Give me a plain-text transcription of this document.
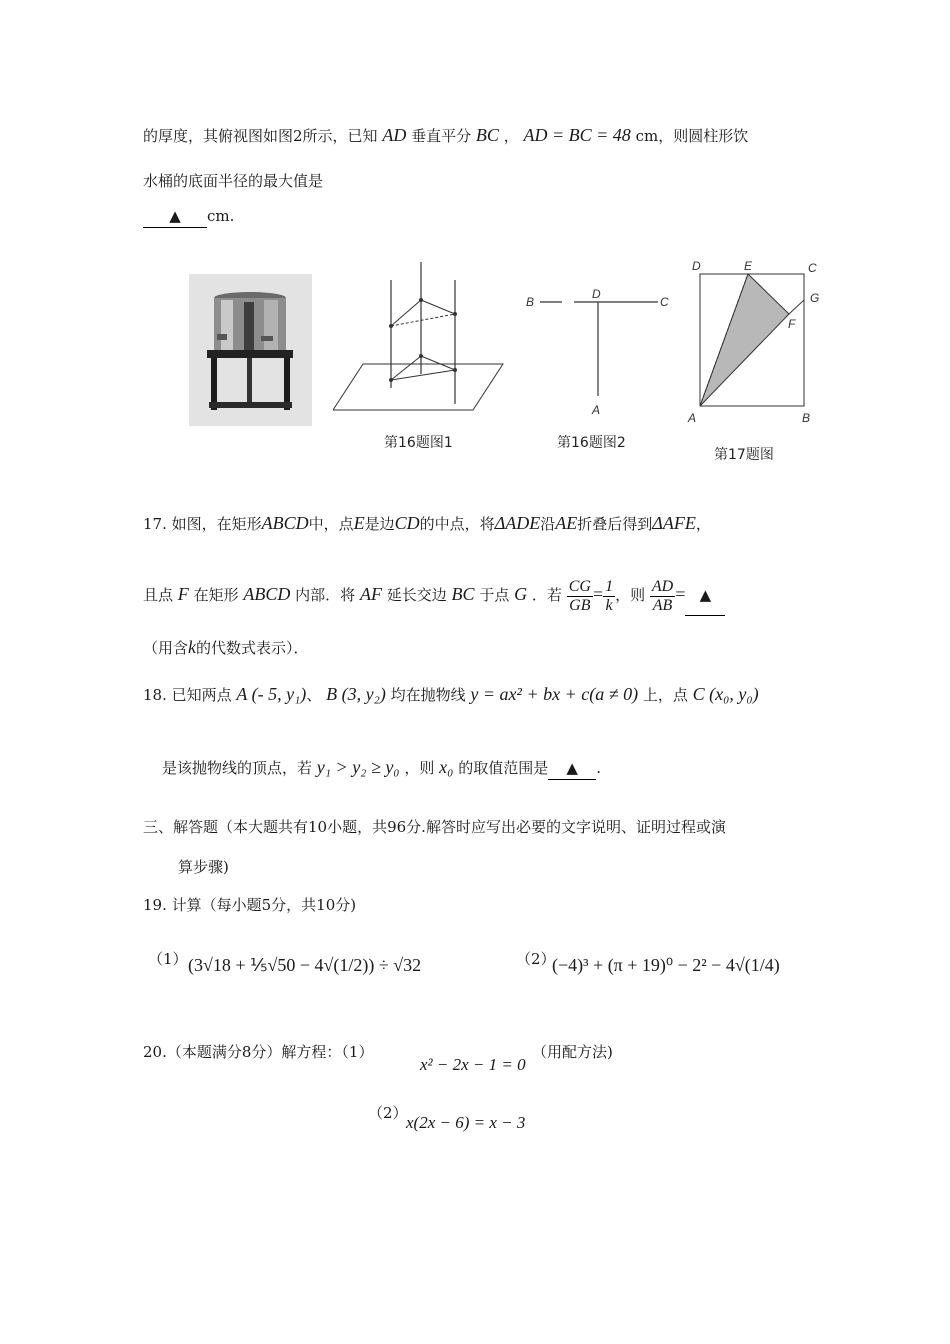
的厚度，其俯视图如图2所示，已知 AD 垂直平分 BC ， AD = BC = 48 cm，则圆柱形饮
水桶的底面半径的最大值是
▲ cm.
第16题图1
B
D
C
A
第16题图2
D	E	C
G
F
A	B
第17题图
17. 如图，在矩形ABCD中，点E是边CD的中点，将ΔADE沿AE折叠后得到ΔAFE，
且点 F 在矩形 ABCD 内部．将 AF 延长交边 BC 于点 G ．若 $\frac{CG}{GB} = \frac{1}{k}$ ，则 $\frac{AD}{AB}$ = ▲
（用含k的代数式表示）．
18. 已知两点 A (- 5, y₁)、 B (3, y₂) 均在抛物线 y = ax² + bx + c(a ≠ 0) 上，点 C (x₀, y₀)
是该抛物线的顶点，若 y₁ > y₂ ≥ y₀ ，则 x₀ 的取值范围是 ▲ .
三、解答题（本大题共有10小题，共96分.解答时应写出必要的文字说明、证明过程或演
算步骤)
19. 计算（每小题5分，共10分)
（1） (3√18 + ⅕√50 − 4√(1/2)) ÷ √32	（2）
(−4)³ + (π + 19)⁰ − 2² − 4√(1/4)
20.（本题满分8分）解方程：（1）
x² − 2x − 1 = 0
（用配方法)
（2）
x(2x − 6) = x − 3
